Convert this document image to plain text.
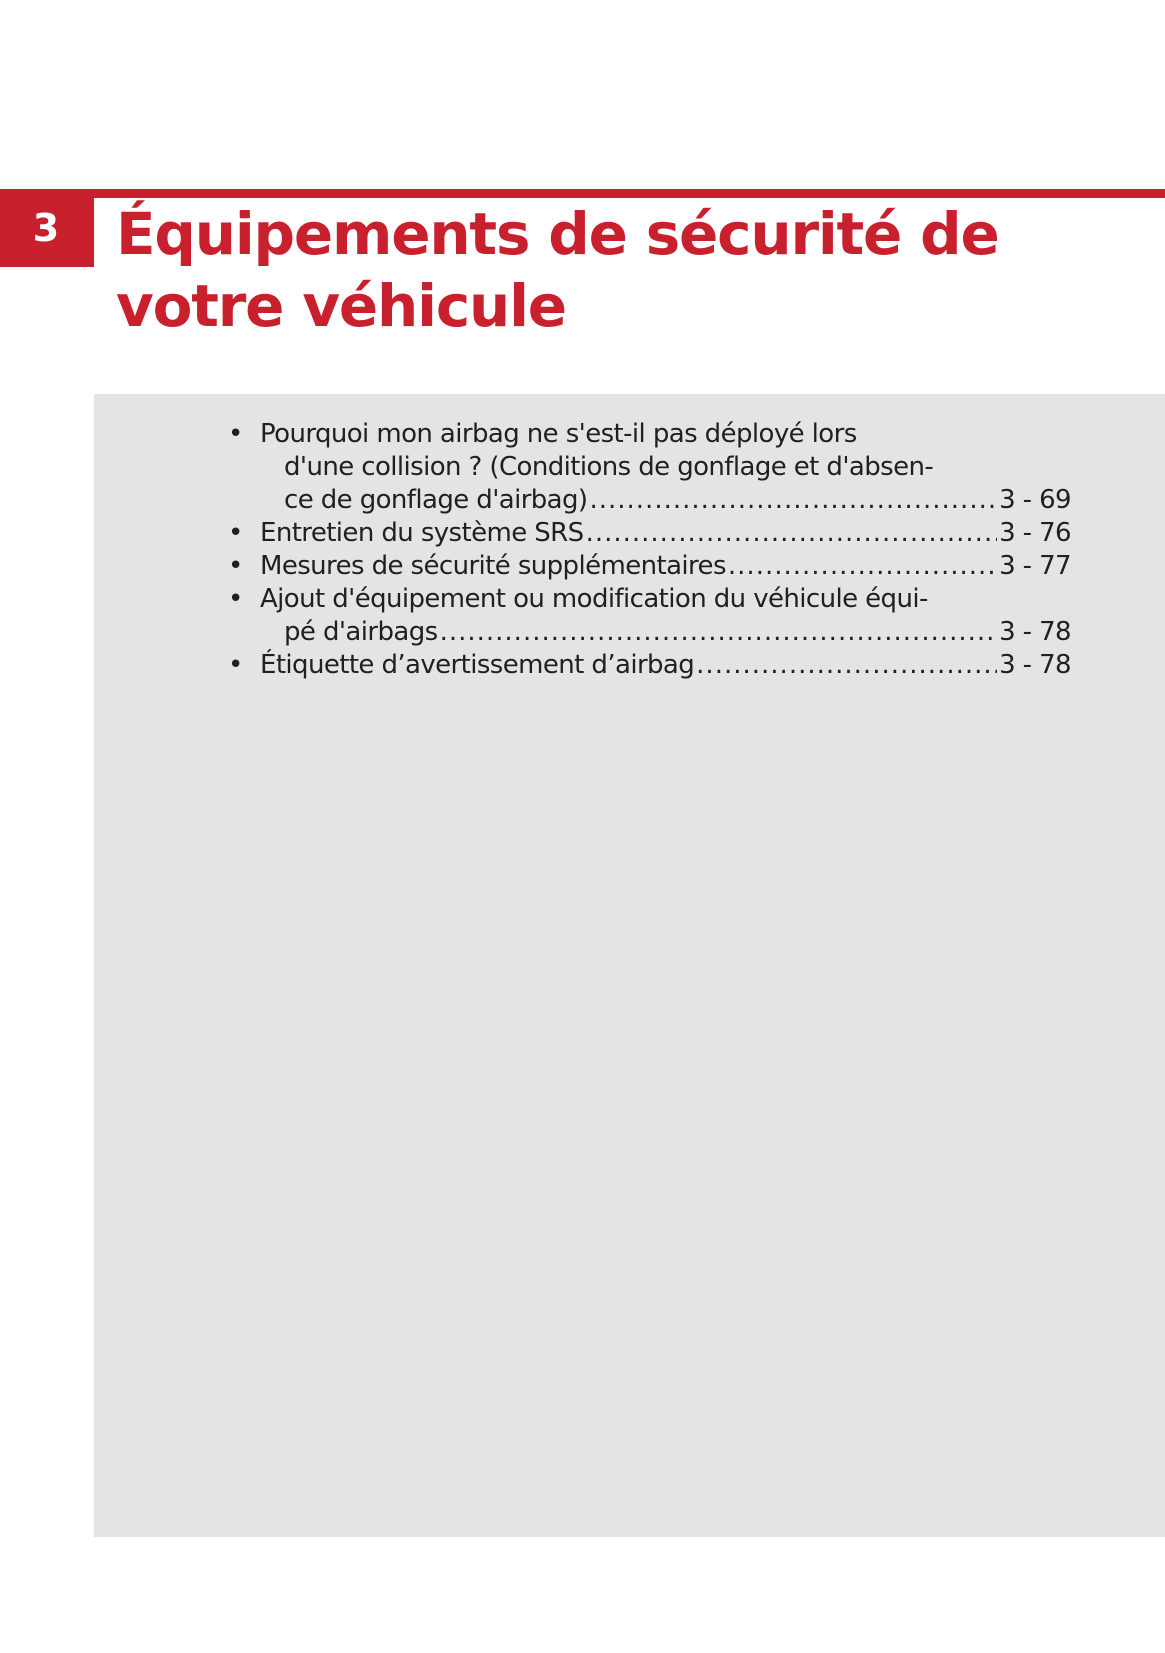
3 Équipements de sécurité de votre véhicule
• Pourquoi mon airbag ne s'est-il pas déployé lors
d'une collision ? (Conditions de gonflage et d'absen-
ce de gonflage d'airbag) .....	3 - 69
• Entretien du système SRS .....	3 - 76
• Mesures de sécurité supplémentaires .....	3 - 77
• Ajout d'équipement ou modification du véhicule équi-
pé d'airbags .....	3 - 78
• Étiquette d’avertissement d’airbag .....	3 - 78
